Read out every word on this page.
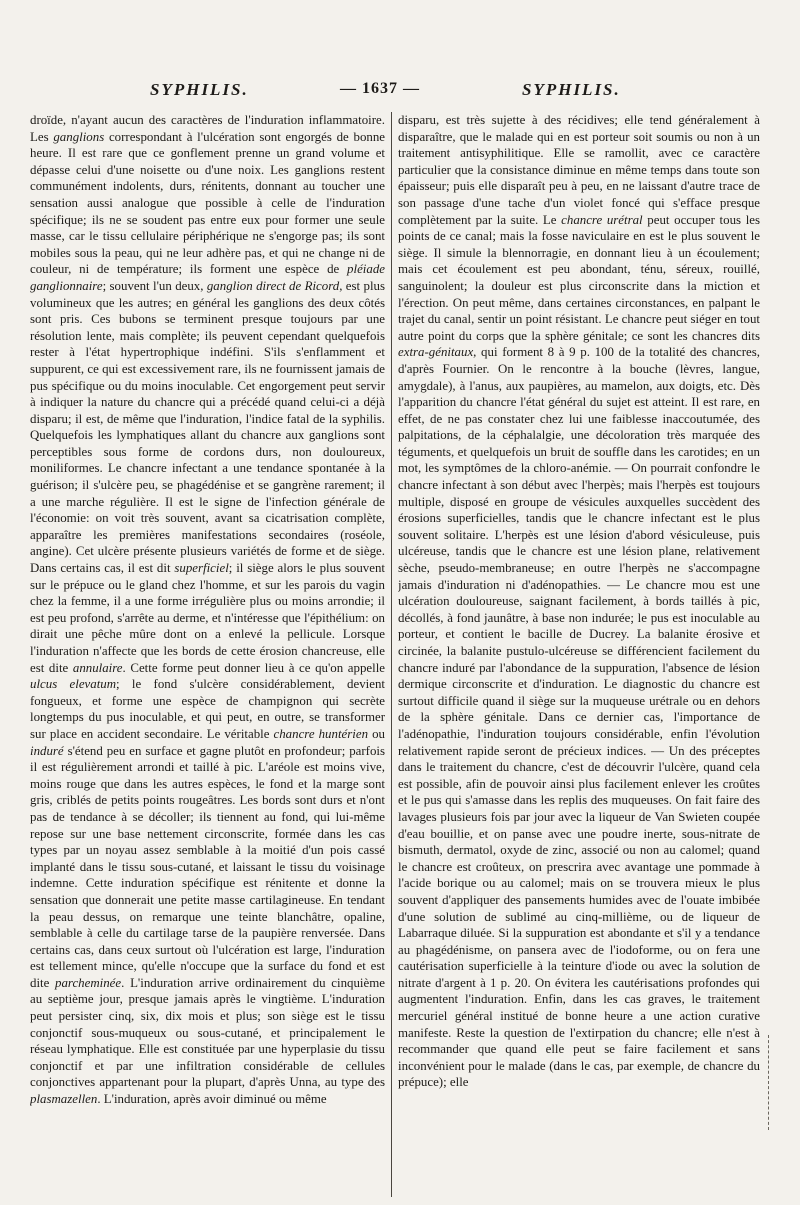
SYPHILIS.	— 1637 —	SYPHILIS.

droïde, n'ayant aucun des caractères de l'induration inflammatoire. Les ganglions correspondant à l'ulcération sont engorgés de bonne heure. Il est rare que ce gonflement prenne un grand volume et dépasse celui d'une noisette ou d'une noix. Les ganglions restent communément indolents, durs, rénitents, donnant au toucher une sensation aussi analogue que possible à celle de l'induration spécifique; ils ne se soudent pas entre eux pour former une seule masse, car le tissu cellulaire périphérique ne s'engorge pas; ils sont mobiles sous la peau, qui ne leur adhère pas, et qui ne change ni de couleur, ni de température; ils forment une espèce de pléiade ganglionnaire; souvent l'un deux, ganglion direct de Ricord, est plus volumineux que les autres; en général les ganglions des deux côtés sont pris. Ces bubons se terminent presque toujours par une résolution lente, mais complète; ils peuvent cependant quelquefois rester à l'état hypertrophique indéfini. S'ils s'enflamment et suppurent, ce qui est excessivement rare, ils ne fournissent jamais de pus spécifique ou du moins inoculable. Cet engorgement peut servir à indiquer la nature du chancre qui a précédé quand celui-ci a déjà disparu; il est, de même que l'induration, l'indice fatal de la syphilis. Quelquefois les lymphatiques allant du chancre aux ganglions sont perceptibles sous forme de cordons durs, non douloureux, moniliformes. Le chancre infectant a une tendance spontanée à la guérison; il s'ulcère peu, se phagédénise et se gangrène rarement; il a une marche régulière. Il est le signe de l'infection générale de l'économie: on voit très souvent, avant sa cicatrisation complète, apparaître les premières manifestations secondaires (roséole, angine). Cet ulcère présente plusieurs variétés de forme et de siège. Dans certains cas, il est dit superficiel; il siège alors le plus souvent sur le prépuce ou le gland chez l'homme, et sur les parois du vagin chez la femme, il a une forme irrégulière plus ou moins arrondie; il est peu profond, s'arrête au derme, et n'intéresse que l'épithélium: on dirait une pêche mûre dont on a enlevé la pellicule. Lorsque l'induration n'affecte que les bords de cette érosion chancreuse, elle est dite annulaire. Cette forme peut donner lieu à ce qu'on appelle ulcus elevatum; le fond s'ulcère considérablement, devient fongueux, et forme une espèce de champignon qui secrète longtemps du pus inoculable, et qui peut, en outre, se transformer sur place en accident secondaire. Le véritable chancre huntérien ou induré s'étend peu en surface et gagne plutôt en profondeur; parfois il est régulièrement arrondi et taillé à pic. L'aréole est moins vive, moins rouge que dans les autres espèces, le fond et la marge sont gris, criblés de petits points rougeâtres. Les bords sont durs et n'ont pas de tendance à se décoller; ils tiennent au fond, qui lui-même repose sur une base nettement circonscrite, formée dans les cas types par un noyau assez semblable à la moitié d'un pois cassé implanté dans le tissu sous-cutané, et laissant le tissu du voisinage indemne. Cette induration spécifique est rénitente et donne la sensation que donnerait une petite masse cartilagineuse. En tendant la peau dessus, on remarque une teinte blanchâtre, opaline, semblable à celle du cartilage tarse de la paupière renversée. Dans certains cas, dans ceux surtout où l'ulcération est large, l'induration est tellement mince, qu'elle n'occupe que la surface du fond et est dite parcheminée. L'induration arrive ordinairement du cinquième au septième jour, presque jamais après le vingtième. L'induration peut persister cinq, six, dix mois et plus; son siège est le tissu conjonctif sous-muqueux ou sous-cutané, et principalement le réseau lymphatique. Elle est constituée par une hyperplasie du tissu conjonctif et par une infiltration considérable de cellules conjonctives appartenant pour la plupart, d'après Unna, au type des plasmazellen. L'induration, après avoir diminué ou même

disparu, est très sujette à des récidives; elle tend généralement à disparaître, que le malade qui en est porteur soit soumis ou non à un traitement antisyphilitique. Elle se ramollit, avec ce caractère particulier que la consistance diminue en même temps dans toute son épaisseur; puis elle disparaît peu à peu, en ne laissant d'autre trace de son passage d'une tache d'un violet foncé qui s'efface presque complètement par la suite. Le chancre urétral peut occuper tous les points de ce canal; mais la fosse naviculaire en est le plus souvent le siège. Il simule la blennorragie, en donnant lieu à un écoulement; mais cet écoulement est peu abondant, ténu, séreux, rouillé, sanguinolent; la douleur est plus circonscrite dans la miction et l'érection. On peut même, dans certaines circonstances, en palpant le trajet du canal, sentir un point résistant. Le chancre peut siéger en tout autre point du corps que la sphère génitale; ce sont les chancres dits extra-génitaux, qui forment 8 à 9 p. 100 de la totalité des chancres, d'après Fournier. On le rencontre à la bouche (lèvres, langue, amygdale), à l'anus, aux paupières, au mamelon, aux doigts, etc. Dès l'apparition du chancre l'état général du sujet est atteint. Il est rare, en effet, de ne pas constater chez lui une faiblesse inaccoutumée, des palpitations, de la céphalalgie, une décoloration très marquée des téguments, et quelquefois un bruit de souffle dans les carotides; en un mot, les symptômes de la chloro-anémie. — On pourrait confondre le chancre infectant à son début avec l'herpès; mais l'herpès est toujours multiple, disposé en groupe de vésicules auxquelles succèdent des érosions superficielles, tandis que le chancre infectant est le plus souvent solitaire. L'herpès est une lésion d'abord vésiculeuse, puis ulcéreuse, tandis que le chancre est une lésion plane, relativement sèche, pseudo-membraneuse; en outre l'herpès ne s'accompagne jamais d'induration ni d'adénopathies. — Le chancre mou est une ulcération douloureuse, saignant facilement, à bords taillés à pic, décollés, à fond jaunâtre, à base non indurée; le pus est inoculable au porteur, et contient le bacille de Ducrey. La balanite érosive et circinée, la balanite pustulo-ulcéreuse se différencient facilement du chancre induré par l'abondance de la suppuration, l'absence de lésion dermique circonscrite et d'induration. Le diagnostic du chancre est surtout difficile quand il siège sur la muqueuse urétrale ou en dehors de la sphère génitale. Dans ce dernier cas, l'importance de l'adénopathie, l'induration toujours considérable, enfin l'évolution relativement rapide seront de précieux indices. — Un des préceptes dans le traitement du chancre, c'est de découvrir l'ulcère, quand cela est possible, afin de pouvoir ainsi plus facilement enlever les croûtes et le pus qui s'amasse dans les replis des muqueuses. On fait faire des lavages plusieurs fois par jour avec la liqueur de Van Swieten coupée d'eau bouillie, et on panse avec une poudre inerte, sous-nitrate de bismuth, dermatol, oxyde de zinc, associé ou non au calomel; quand le chancre est croûteux, on prescrira avec avantage une pommade à l'acide borique ou au calomel; mais on se trouvera mieux le plus souvent d'appliquer des pansements humides avec de l'ouate imbibée d'une solution de sublimé au cinq-millième, ou de liqueur de Labarraque diluée. Si la suppuration est abondante et s'il y a tendance au phagédénisme, on pansera avec de l'iodoforme, ou on fera une cautérisation superficielle à la teinture d'iode ou avec la solution de nitrate d'argent à 1 p. 20. On évitera les cautérisations profondes qui augmentent l'induration. Enfin, dans les cas graves, le traitement mercuriel général institué de bonne heure a une action curative manifeste. Reste la question de l'extirpation du chancre; elle n'est à recommander que quand elle peut se faire facilement et sans inconvénient pour le malade (dans le cas, par exemple, de chancre du prépuce); elle
